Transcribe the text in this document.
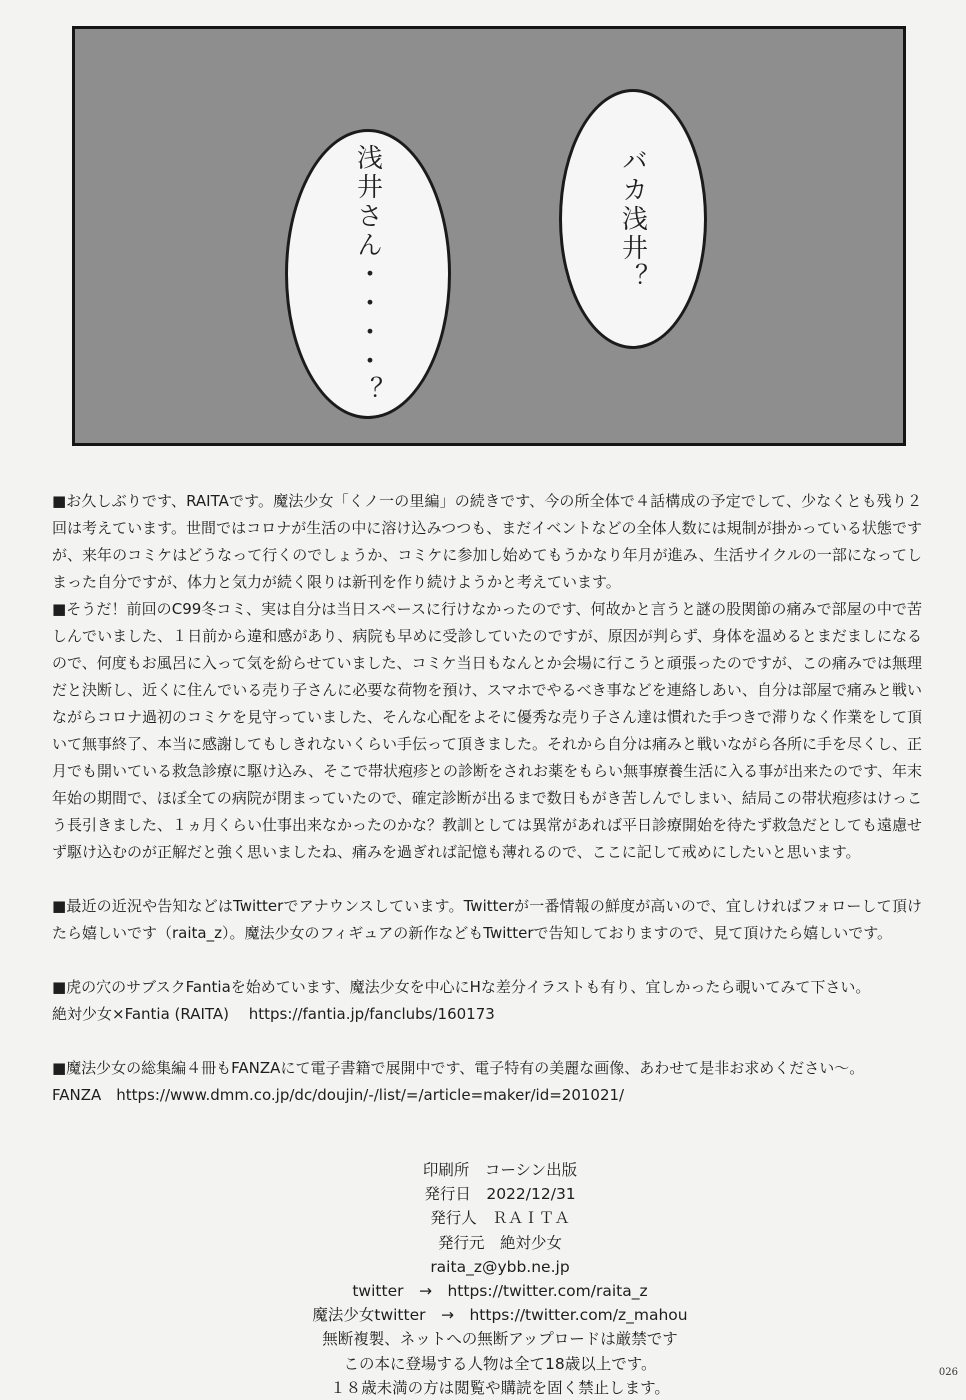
浅井さん・・・・？	バカ浅井？

■お久しぶりです、RAITAです。魔法少女「くノ一の里編」の続きです、今の所全体で４話構成の予定でして、少なくとも残り２回は考えています。世間ではコロナが生活の中に溶け込みつつも、まだイベントなどの全体人数には規制が掛かっている状態ですが、来年のコミケはどうなって行くのでしょうか、コミケに参加し始めてもうかなり年月が進み、生活サイクルの一部になってしまった自分ですが、体力と気力が続く限りは新刊を作り続けようかと考えています。

■そうだ！前回のC99冬コミ、実は自分は当日スペースに行けなかったのです、何故かと言うと謎の股関節の痛みで部屋の中で苦しんでいました、１日前から違和感があり、病院も早めに受診していたのですが、原因が判らず、身体を温めるとまだましになるので、何度もお風呂に入って気を紛らせていました、コミケ当日もなんとか会場に行こうと頑張ったのですが、この痛みでは無理だと決断し、近くに住んでいる売り子さんに必要な荷物を預け、スマホでやるべき事などを連絡しあい、自分は部屋で痛みと戦いながらコロナ過初のコミケを見守っていました、そんな心配をよそに優秀な売り子さん達は慣れた手つきで滞りなく作業をして頂いて無事終了、本当に感謝してもしきれないくらい手伝って頂きました。それから自分は痛みと戦いながら各所に手を尽くし、正月でも開いている救急診療に駆け込み、そこで帯状疱疹との診断をされお薬をもらい無事療養生活に入る事が出来たのです、年末年始の期間で、ほぼ全ての病院が閉まっていたので、確定診断が出るまで数日もがき苦しんでしまい、結局この帯状疱疹はけっこう長引きました、１ヵ月くらい仕事出来なかったのかな？教訓としては異常があれば平日診療開始を待たず救急だとしても遠慮せず駆け込むのが正解だと強く思いましたね、痛みを過ぎれば記憶も薄れるので、ここに記して戒めにしたいと思います。

■最近の近況や告知などはTwitterでアナウンスしています。Twitterが一番情報の鮮度が高いので、宜しければフォローして頂けたら嬉しいです（raita_z）。魔法少女のフィギュアの新作などもTwitterで告知しておりますので、見て頂けたら嬉しいです。

■虎の穴のサブスクFantiaを始めています、魔法少女を中心にHな差分イラストも有り、宜しかったら覗いてみて下さい。

絶対少女×Fantia (RAITA)　 https://fantia.jp/fanclubs/160173

■魔法少女の総集編４冊もFANZAにて電子書籍で展開中です、電子特有の美麗な画像、あわせて是非お求めください～。

FANZA　https://www.dmm.co.jp/dc/doujin/-/list/=/article=maker/id=201021/

印刷所　コーシン出版
発行日　2022/12/31
発行人　ＲＡＩＴＡ
発行元　絶対少女
raita_z@ybb.ne.jp
twitter　→　https://twitter.com/raita_z
魔法少女twitter　→　https://twitter.com/z_mahou
無断複製、ネットへの無断アップロードは厳禁です
この本に登場する人物は全て18歳以上です。
１８歳未満の方は閲覧や購読を固く禁止します。
026
